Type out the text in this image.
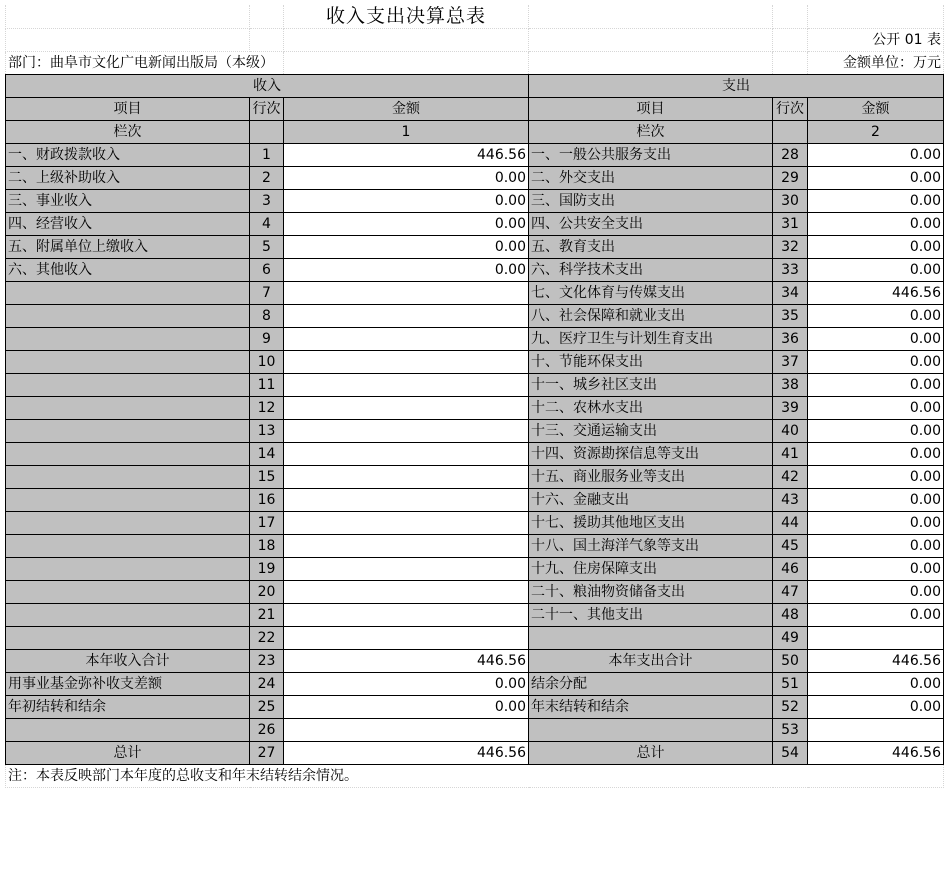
		收入支出决算总表			
					公开 01 表
部门：曲阜市文化广电新闻出版局（本级）					金额单位：万元
收入			支出		
项目	行次	金额	项目	行次	金额
栏次		1	栏次		2
一、财政拨款收入	1	446.56	一、一般公共服务支出	28	0.00
二、上级补助收入	2	0.00	二、外交支出	29	0.00
三、事业收入	3	0.00	三、国防支出	30	0.00
四、经营收入	4	0.00	四、公共安全支出	31	0.00
五、附属单位上缴收入	5	0.00	五、教育支出	32	0.00
六、其他收入	6	0.00	六、科学技术支出	33	0.00
	7		七、文化体育与传媒支出	34	446.56
	8		八、社会保障和就业支出	35	0.00
	9		九、医疗卫生与计划生育支出	36	0.00
	10		十、节能环保支出	37	0.00
	11		十一、城乡社区支出	38	0.00
	12		十二、农林水支出	39	0.00
	13		十三、交通运输支出	40	0.00
	14		十四、资源勘探信息等支出	41	0.00
	15		十五、商业服务业等支出	42	0.00
	16		十六、金融支出	43	0.00
	17		十七、援助其他地区支出	44	0.00
	18		十八、国土海洋气象等支出	45	0.00
	19		十九、住房保障支出	46	0.00
	20		二十、粮油物资储备支出	47	0.00
	21		二十一、其他支出	48	0.00
	22			49	
本年收入合计	23	446.56	本年支出合计	50	446.56
用事业基金弥补收支差额	24	0.00	结余分配	51	0.00
年初结转和结余	25	0.00	年末结转和结余	52	0.00
	26			53	
总计	27	446.56	总计	54	446.56
注：本表反映部门本年度的总收支和年末结转结余情况。
